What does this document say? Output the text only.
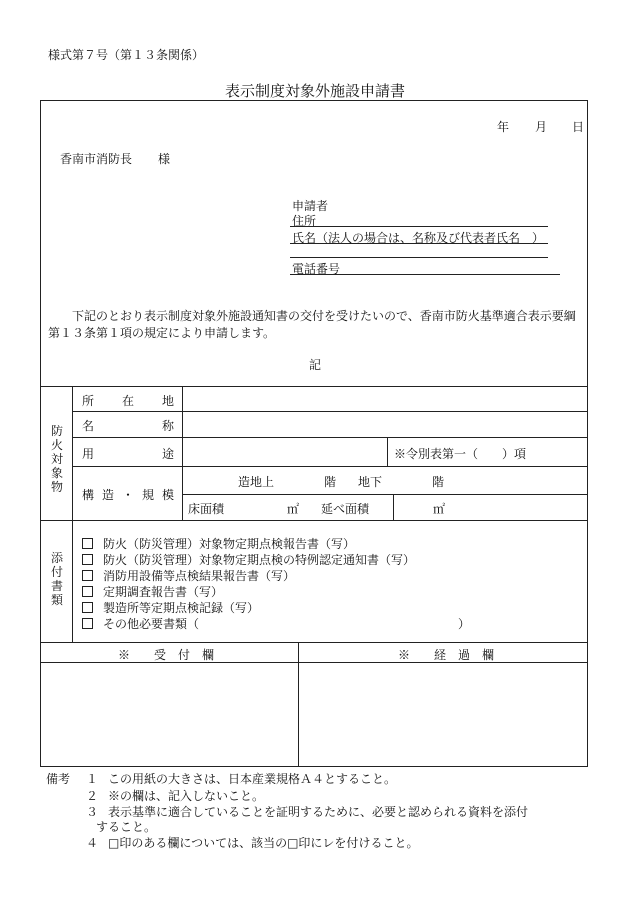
様式第７号（第１３条関係）
表示制度対象外施設申請書
年 月 日
香南市消防長 様
申請者
住所
氏名（法人の場合は、名称及び代表者氏名　）
電話番号
下記のとおり表示制度対象外施設通知書の交付を受けたいので、香南市防火基準適合表示要綱
第１３条第１項の規定により申請します。
記
防火対象物
所 在 地
名	称
用	途	※令別表第一（　　）項
構 造 ・ 規 模
造地上	階 地下	階
床面積	㎡ 延べ面積	㎡
添付書類
防火（防災管理）対象物定期点検報告書（写）
防火（防災管理）対象物定期点検の特例認定通知書（写）
消防用設備等点検結果報告書（写）
定期調査報告書（写）
製造所等定期点検記録（写）
その他必要書類（	）
※　　受　付　欄	※　　経　過　欄
備考 １ この用紙の大きさは、日本産業規格Ａ４とすること。
２ ※の欄は、記入しないこと。
３ 表示基準に適合していることを証明するために、必要と認められる資料を添付
すること。
４ □印のある欄については、該当の□印にレを付けること。
